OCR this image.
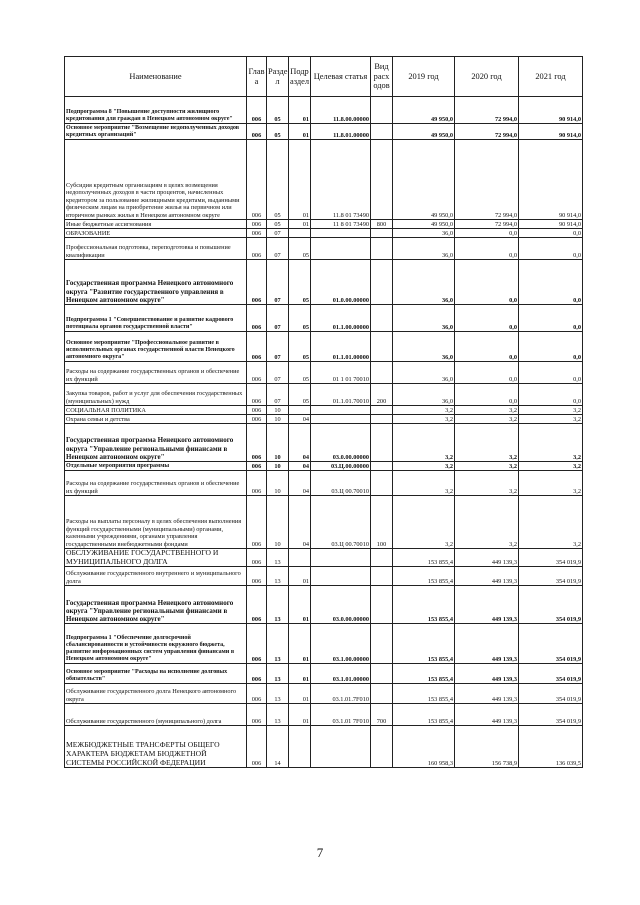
Наименование	Глав а	Разде л	Подр аздел	Целевая статья	Вид расх одов	2019 год	2020 год	2021 год
Подпрограмма 8 "Повышение доступности жилищного кредитования для граждан в Ненецком автономном округе"	006	05	01	11.8.00.00000		49 950,0	72 994,0	90 914,0
Основное мероприятие "Возмещение недополученных доходов кредитных организаций"	006	05	01	11.8.01.00000		49 950,0	72 994,0	90 914,0
Субсидия кредитным организациям в целях возмещения недополученных доходов в части процентов, начисленных кредитором за пользование жилищными кредитами, выданными физическим лицам на приобретение жилья на первичном или вторичном рынках жилья в Ненецком автономном округе	006	05	01	11.8 01 73490		49 950,0	72 994,0	90 914,0
Иные бюджетные ассигнования	006	05	01	11 8 01 73490	800	49 950,0	72 994,0	90 914,0
ОБРАЗОВАНИЕ	006	07				36,0	0,0	0,0
Профессиональная подготовка, переподготовка и повышение квалификации	006	07	05			36,0	0,0	0,0
Государственная программа Ненецкого автономного округа "Развитие государственного управления в Ненецком автономном округе"	006	07	05	01.0.00.00000		36,0	0,0	0,0
Подпрограмма 1 "Совершенствование и развитие кадрового потенциала органов государственной власти"	006	07	05	01.1.00.00000		36,0	0,0	0,0
Основное мероприятие "Профессиональное развитие в исполнительных органах государственной власти Ненецкого автономного округа"	006	07	05	01.1.01.00000		36,0	0,0	0,0
Расходы на содержание государственных органов и обеспечение их функций	006	07	05	01 1 01 70010		36,0	0,0	0,0
Закупка товаров, работ и услуг для обеспечения государственных (муниципальных) нужд	006	07	05	01.1.01.70010	200	36,0	0,0	0,0
СОЦИАЛЬНАЯ ПОЛИТИКА	006	10				3,2	3,2	3,2
Охрана семьи и детства	006	10	04			3,2	3,2	3,2
Государственная программа Ненецкого автономного округа "Управление региональными финансами в Ненецком автономном округе"	006	10	04	03.0.00.00000		3,2	3,2	3,2
Отдельные мероприятия программы	006	10	04	03.Ц.00.00000		3,2	3,2	3,2
Расходы на содержание государственных органов и обеспечение их функций	006	10	04	03.Ц 00.70010		3,2	3,2	3,2
Расходы на выплаты персоналу в целях обеспечения выполнения функций государственными (муниципальными) органами, казенными учреждениями, органами управления государственными внебюджетными фондами	006	10	04	03.Ц 00.70010	100	3,2	3,2	3,2
ОБСЛУЖИВАНИЕ ГОСУДАРСТВЕННОГО И МУНИЦИПАЛЬНОГО ДОЛГА	006	13				153 855,4	449 139,3	354 019,9
Обслуживание государственного внутреннего и муниципального долга	006	13	01			153 855,4	449 139,3	354 019,9
Государственная программа Ненецкого автономного округа "Управление региональными финансами в Ненецком автономном округе"	006	13	01	03.0.00.00000		153 855,4	449 139,3	354 019,9
Подпрограмма 1 "Обеспечение долгосрочной сбалансированности и устойчивости окружного бюджета, развитие информационных систем управления финансами в Ненецком автономном округе"	006	13	01	03.1.00.00000		153 855,4	449 139,3	354 019,9
Основное мероприятие "Расходы на исполнение долговых обязательств"	006	13	01	03.1.01.00000		153 855,4	449 139,3	354 019,9
Обслуживание государственного долга Ненецкого автономного округа	006	13	01	03.1.01.7F010		153 855,4	449 139,3	354 019,9
Обслуживание государственного (муниципального) долга	006	13	01	03.1.01 7F010	700	153 855,4	449 139,3	354 019,9
МЕЖБЮДЖЕТНЫЕ ТРАНСФЕРТЫ ОБЩЕГО ХАРАКТЕРА БЮДЖЕТАМ БЮДЖЕТНОЙ СИСТЕМЫ РОССИЙСКОЙ ФЕДЕРАЦИИ	006	14				160 958,3	156 738,9	136 039,5
7
